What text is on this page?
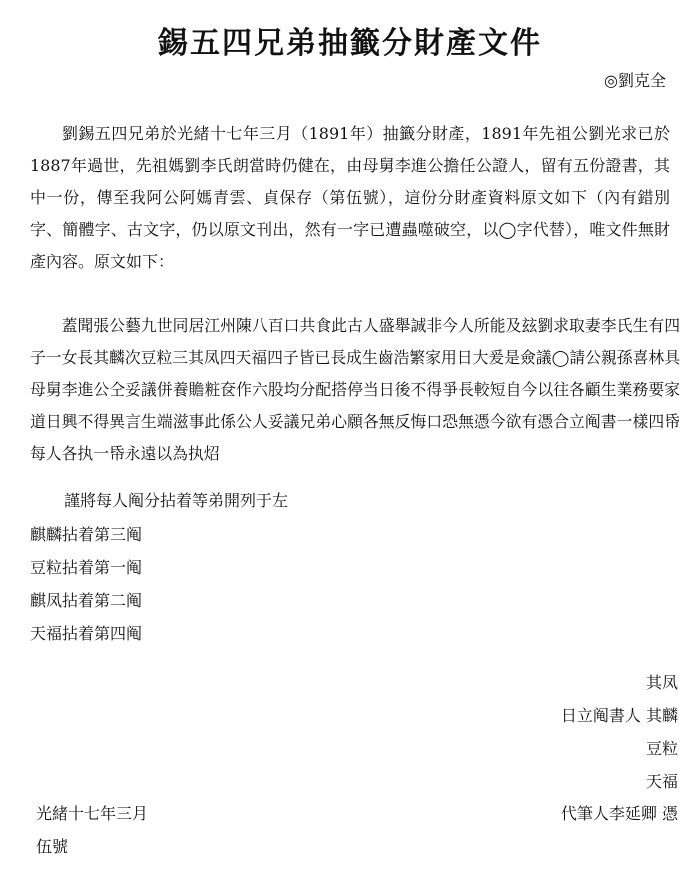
錫五四兄弟抽籤分財產文件
◎劉克全

劉錫五四兄弟於光緒十七年三月（1891年）抽籤分財產，1891年先祖公劉光求已於1887年過世，先祖媽劉李氏朗當時仍健在，由母舅李進公擔任公證人，留有五份證書，其中一份，傳至我阿公阿媽青雲、貞保存（第伍號），這份分財產資料原文如下（內有錯別字、簡體字、古文字，仍以原文刊出，然有一字已遭蟲噬破空，以◯字代替），唯文件無財產內容。原文如下：

蓋聞張公藝九世同居江州陳八百口共食此古人盛舉誠非今人所能及玆劉求取妻李氏生有四子一女長其麟次豆粒三其凤四天福四子皆已長成生齒浩繁家用日大爰是僉議◯請公親孫喜林具母舅李進公仝妥議併養贍粧奁作六股均分配搭停当日後不得爭長較短自今以往各顧生業務要家道日興不得異言生端滋事此係公人妥議兄弟心願各無反悔口恐無憑今欲有憑合立阄書一樣四帋每人各执一帋永遠以為执炤

謹將每人阄分拈着等弟開列于左
麒麟拈着第三阄
豆粒拈着第一阄
麒凤拈着第二阄
天福拈着第四阄
其凤
日立阄書人 其麟
豆粒
天福
代筆人李延卿 憑
光緒十七年三月
伍號
